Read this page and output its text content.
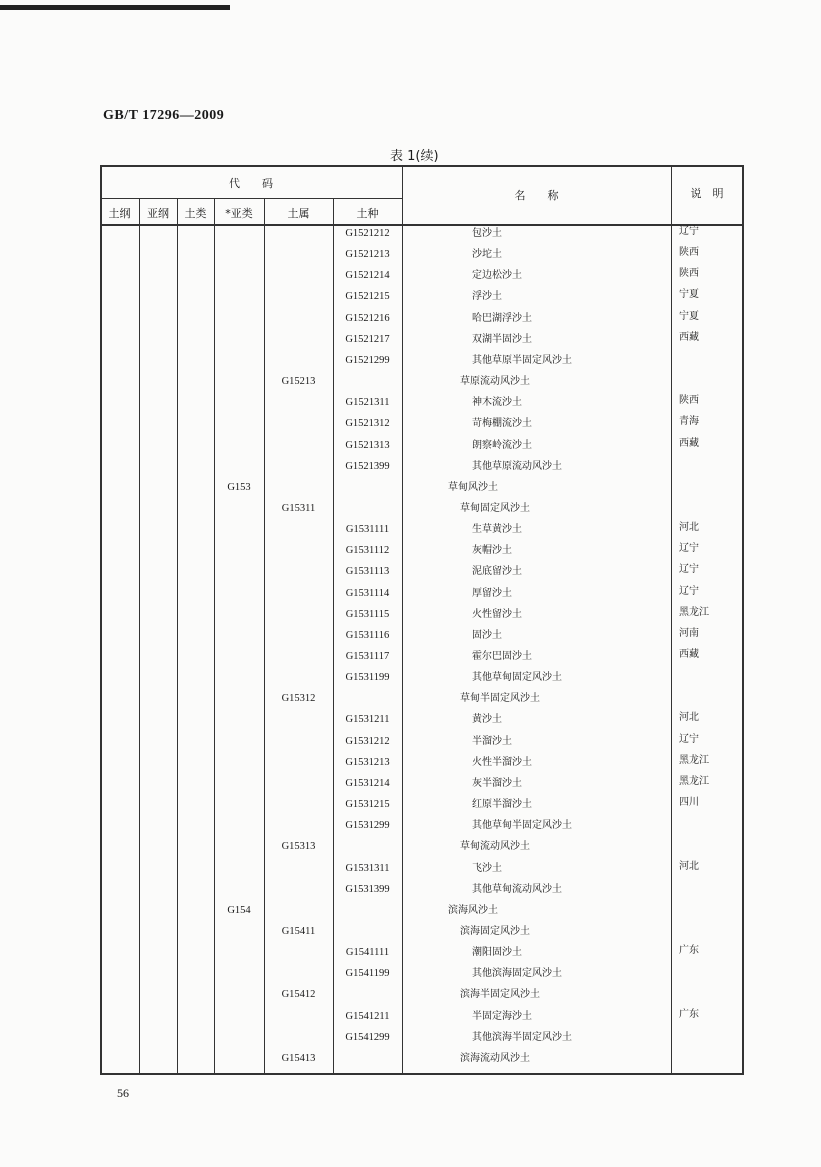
GB/T 17296—2009
表 1(续)
代　　码
名　　称	说　明
土纲	亚纲	土类	*亚类	土属	土种
G1521212	包沙土	辽宁
G1521213	沙坨土	陕西
G1521214	定边松沙土	陕西
G1521215	浮沙土	宁夏
G1521216	哈巴湖浮沙土	宁夏
G1521217	双湖半固沙土	西藏
G1521299	其他草原半固定风沙土
G15213	草原流动风沙土
G1521311	神木流沙土	陕西
G1521312	苛梅棚流沙土	青海
G1521313	朗察岭流沙土	西藏
G1521399	其他草原流动风沙土
G153	草甸风沙土
G15311	草甸固定风沙土
G1531111	生草黄沙土	河北
G1531112	灰帽沙土	辽宁
G1531113	泥底留沙土	辽宁
G1531114	厚留沙土	辽宁
G1531115	火性留沙土	黑龙江
G1531116	固沙土	河南
G1531117	霍尔巴固沙土	西藏
G1531199	其他草甸固定风沙土
G15312	草甸半固定风沙土
G1531211	黄沙土	河北
G1531212	半溜沙土	辽宁
G1531213	火性半溜沙土	黑龙江
G1531214	灰半溜沙土	黑龙江
G1531215	红原半溜沙土	四川
G1531299	其他草甸半固定风沙土
G15313	草甸流动风沙土
G1531311	飞沙土	河北
G1531399	其他草甸流动风沙土
G154	滨海风沙土
G15411	滨海固定风沙土
G1541111	潮阳固沙土	广东
G1541199	其他滨海固定风沙土
G15412	滨海半固定风沙土
G1541211	半固定海沙土	广东
G1541299	其他滨海半固定风沙土
G15413	滨海流动风沙土
56
